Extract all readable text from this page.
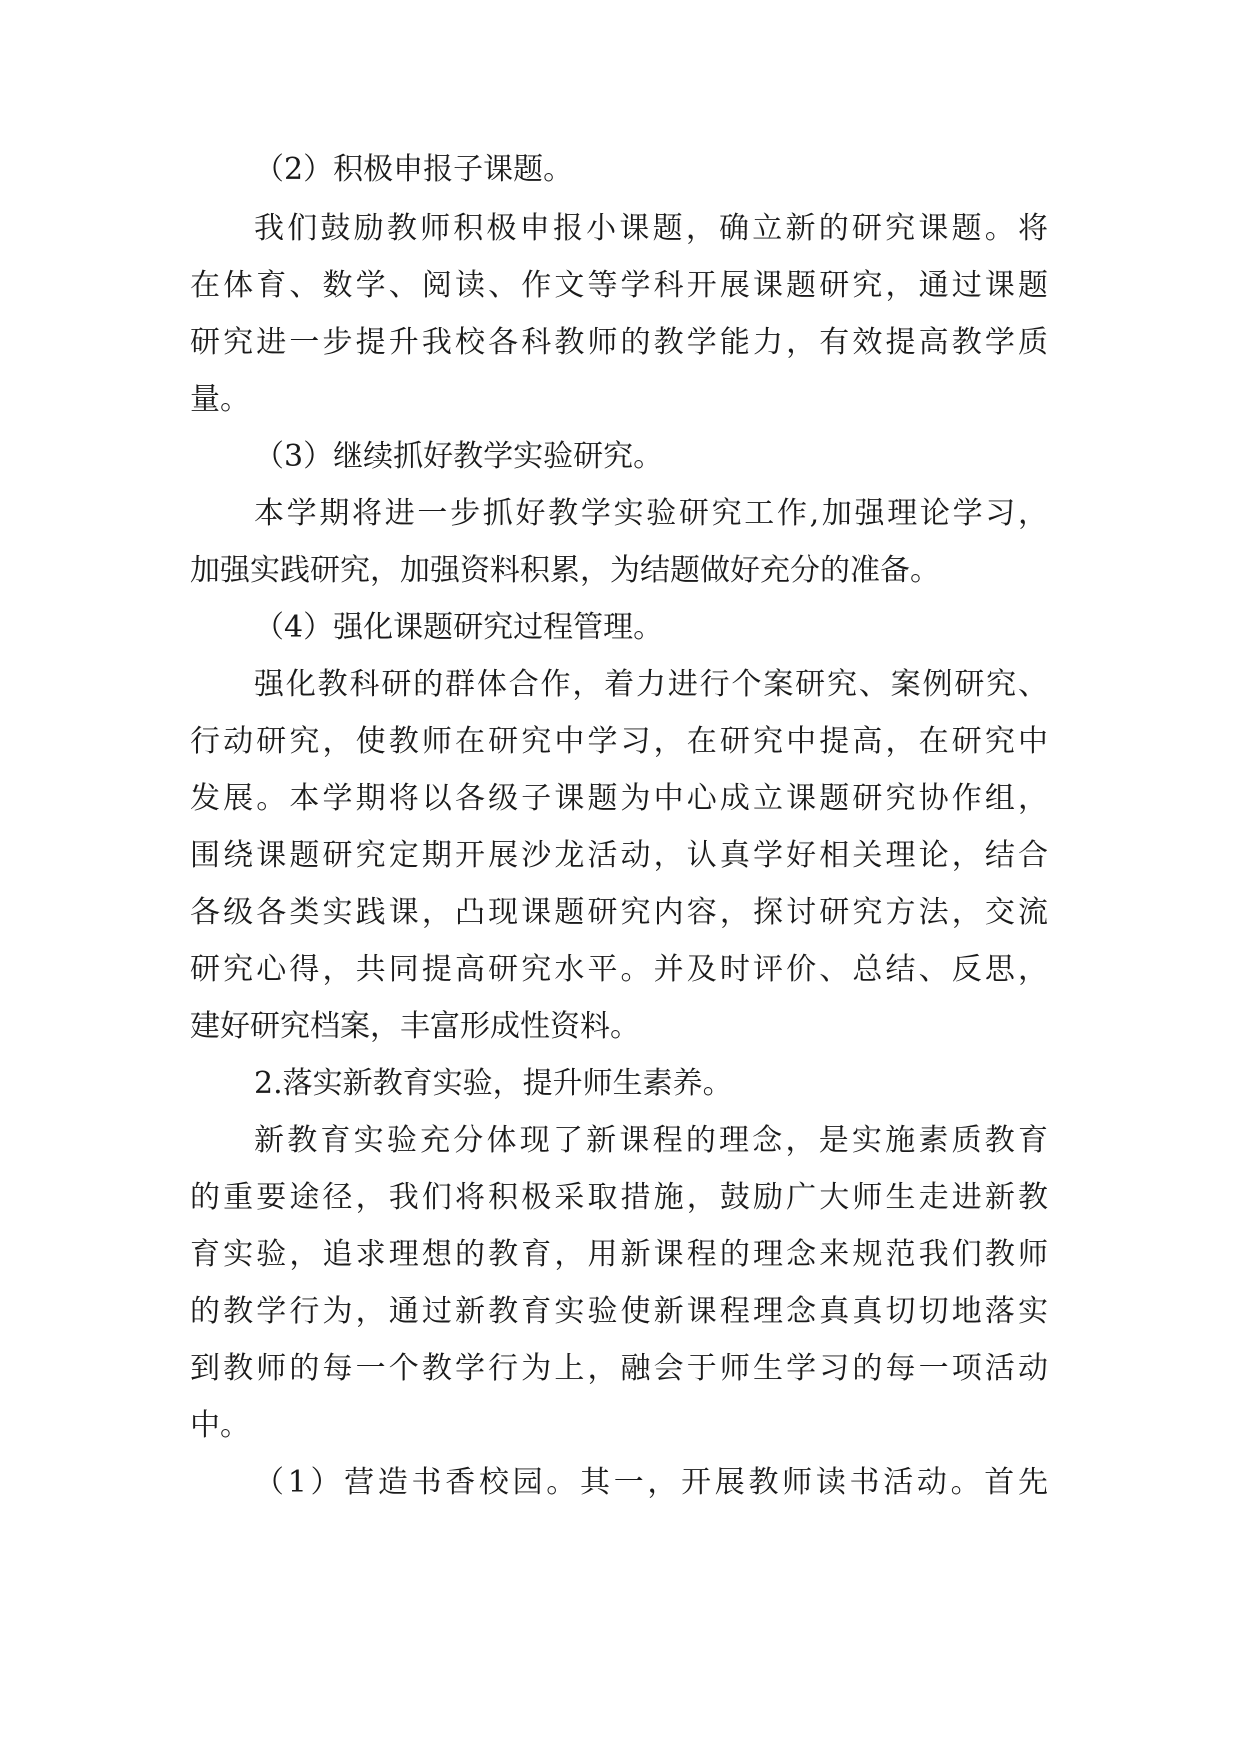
（2）积极申报子课题。

我们鼓励教师积极申报小课题，确立新的研究课题。将

在体育、数学、阅读、作文等学科开展课题研究，通过课题

研究进一步提升我校各科教师的教学能力，有效提高教学质

量。

（3）继续抓好教学实验研究。

本学期将进一步抓好教学实验研究工作,加强理论学习，

加强实践研究，加强资料积累，为结题做好充分的准备。

（4）强化课题研究过程管理。

强化教科研的群体合作，着力进行个案研究、案例研究、

行动研究，使教师在研究中学习，在研究中提高，在研究中

发展。本学期将以各级子课题为中心成立课题研究协作组，

围绕课题研究定期开展沙龙活动，认真学好相关理论，结合

各级各类实践课，凸现课题研究内容，探讨研究方法，交流

研究心得，共同提高研究水平。并及时评价、总结、反思，

建好研究档案，丰富形成性资料。

2.落实新教育实验，提升师生素养。

新教育实验充分体现了新课程的理念，是实施素质教育

的重要途径，我们将积极采取措施，鼓励广大师生走进新教

育实验，追求理想的教育，用新课程的理念来规范我们教师

的教学行为，通过新教育实验使新课程理念真真切切地落实

到教师的每一个教学行为上，融会于师生学习的每一项活动

中。

（1）营造书香校园。其一，开展教师读书活动。首先
